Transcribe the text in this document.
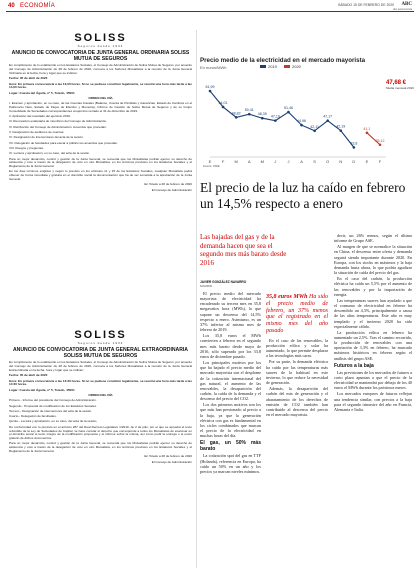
40 ECONOMÍA	SÁBADO 15 DE FEBRERO DE 2020 ABC
abc.es/economia
SOLISS
Seguros desde 1933
ANUNCIO DE CONVOCATORIA DE JUNTA GENERAL ORDINARIA SOLISS MUTUA DE SEGUROS

En cumplimiento de lo establecido en los Estatutos Sociales, el Consejo de Administración de Soliss Mutua de Seguros, por acuerdo del Consejo de Administración de 28 de febrero de 2020, convoca a los Señores Mutualistas a la reunión de la Junta General Ordinaria en la fecha, hora y lugar que se indican:

Fecha: 05 de abril de 2020

Hora: En primera convocatoria a las 13,00 horas. Si no se pudiese constituir legalmente, se reunirá una hora más tarde a las 14,00 horas.

Lugar: Cuesta del Águila, nº 5, Toledo, 45001

ORDEN DEL DÍA

I. Examen y aprobación, en su caso, de las Cuentas Anuales (Balance, Cuenta de Pérdidas y Ganancias, Estado de Cambios en el Patrimonio Neto, Estado de Flujos de Efectivo y Memoria), Informe de Gestión de Soliss Mutua de Seguros y de su Grupo Consolidado de Sociedades correspondientes al ejercicio cerrado el 31 de diciembre de 2019.

II. Aplicación del resultado del ejercicio 2019.

III. Renovación estatutaria de miembros del Consejo de Administración.

IV. Retribución del Consejo de Administración. Acuerdos que procedan.

V. Designación de auditores de cuentas.

VI. Designación de interventores del acta de la sesión.

VII. Delegación de facultades para elevar a público los acuerdos que procedan.

VIII. Ruegos y preguntas.

IX. Lectura y aprobación, en su caso, del acta de la sesión.

Para un mejor desarrollo, control y gestión de la Junta General, se recuerda que los Mutualistas podrán ejercer su derecho de asistencia y voto a través de la delegación de voto en otro Mutualista, en los términos previstos en los Estatutos Sociales y el Reglamento de la Junta General.

En los días mínimos exigidos y según lo previsto en los artículos 11 y 15 de los Estatutos Sociales, cualquier Mutualista podrá obtener de forma inmediata y gratuita en el domicilio social la documentación que ha de ser sometida a la aprobación de la Junta General.

En Toledo a 28 de febrero de 2020

El Consejo de Administración

SOLISS
Seguros desde 1933
ANUNCIO DE CONVOCATORIA DE JUNTA GENERAL EXTRAORDINARIA SOLISS MUTUA DE SEGUROS

En cumplimiento de lo establecido en los Estatutos Sociales, el Consejo de Administración de Soliss Mutua de Seguros, por acuerdo del Consejo de Administración de 28 de febrero de 2020, convoca a los Señores Mutualistas a la reunión de la Junta General Extraordinaria en la fecha, hora y lugar que se indican:

Fecha: 05 de abril de 2020

Hora: En primera convocatoria a las 13:30 horas. Si no se pudiese constituir legalmente, se reunirá una hora más tarde a las 14:30 horas.

Lugar: Cuesta del Águila, nº 5, Toledo, 45001

ORDEN DEL DÍA

Primero.- Informe del presidente del Consejo de Administración.

Segundo.- Propuesta de modificación de los Estatutos Sociales.

Tercero.- Designación de interventores del acta de la sesión.

Cuarto.- Delegación de facultades.

Quinto.- Lectura y aprobación, en su caso, del acta de la sesión.

De conformidad con lo previsto en el artículo 287 del Real Decreto Legislativo 1/2010, de 2 de julio, por el que se aprueba el texto refundido de la Ley de Sociedades de Capital, se hace constar el derecho que corresponde a todos los Mutualistas de examinar en el domicilio social el texto íntegro de la modificación propuesta y el informe sobre la misma, así como pedir la entrega o el envío gratuito de dichos documentos.

Para un mejor desarrollo, control y gestión de la Junta General, se recuerda que los Mutualistas podrán ejercer su derecho de asistencia y voto a través de la delegación de voto en otro Mutualista, en los términos previstos en los Estatutos Sociales y el Reglamento de la Junta General.

En Toledo a 28 de febrero de 2020

El Consejo de Administración

Precio medio de la electricidad en el mercado mayorista
En euros/MWh
47,68 €
Media mensual 2019
E	F	M	A	M	J	J	A	S	O	N	D	E	F
61,99
54,01
48,82
50,41
48,39
47,19
51,46
44,96
42,11
47,17
42,19
33,8
41,1
35,12
2019	2020
Fuente: OMIE
El precio de la luz ha caído en febrero un 14,5% respecto a enero
Las bajadas del gas y de la demanda hacen que sea el segundo mes más barato desde 2016
JAVIER GONZÁLEZ NAVARRO
MADRID

El precio medio del mercado mayorista de electricidad ha encadenado su tercera mes en 35,8 megavatios hora (MWh), lo que supone un descenso del 14,5% respecto a enero. Asimismo, es un 37% inferior al mismo mes de febrero de 2019.

Los 35,8 euros el MWh convierten a febrero en el segundo mes más barato desde mayo de 2016, sólo superado por los 33,8 euros de diciembre pasado.

Los principales motivos por los que ha bajado el precio medio del mercado mayorista son el desplome de la cotización internacional del gas natural, el aumento de las renovables, la desaparición del carbón, la caída de la demanda y el descenso del precio del CO2.

Los dos primeros motivos son los que más han presionado al precio a la baja, ya que la generación eléctrica con gas es fundamental en los ciclos combinados que marcan el precio de la electricidad en muchas horas del día.

El gas, un 50% más barato

La cotización spot del gas en TTF (Holanda), referencia en Europa, ha caído un 50% en un año y los precios ya marcan niveles mínimos.

35,8 euros MWh Ha sido el precio medio de febrero, un 37% menos que el registrado en el mismo mes del año pasado

En el caso de las renovables, la producción eólica y solar ha aumentado, lo que permite desplazar a las tecnologías más caras.

Por su parte, la demanda eléctrica ha caído por las temperaturas más suaves de lo habitual en este invierno, lo que reduce la necesidad de generación.

Además, la desaparición del carbón del mix de generación y el abaratamiento de los derechos de emisión de CO2 también han contribuido al descenso del precio en el mercado mayorista.

decir, un 26% menos, según el último informe de Grupo ASE.

Al margen de que se normalice la situación en China, el descenso entre oferta y demanda seguirá siendo importante durante 2020. En Europa, con los stocks en máximos y la baja demanda hasta ahora, lo que podría agudizar la situación de caída del precio del gas.

En el caso del carbón, la producción eléctrica ha caído un 5,5% por el aumento de las renovables y por la importación de energía.

Las temperaturas suaves han ayudado a que el consumo de electricidad en febrero ha descendido un 4,3%, principalmente a causa de las altas temperaturas. Este año es muy templado y el invierno 2020 ha sido especialmente cálido.

La producción eólica en febrero ha aumentado un 2,5%. Tras el camino recorrido, la producción de renovables con una aportación de 3,3% en febrero, ha marcado máximos históricos en febrero según el análisis del grupo ASE.

Futuros a la baja

Las previsiones de los mercados de futuros a corto plazo apuntan a que el precio de la electricidad se mantendrá por debajo de los 40 euros el MWh durante los próximos meses.

Los mercados europeos de futuros reflejan una tendencia similar, con precios a la baja para el segundo trimestre del año en Francia, Alemania e Italia.
